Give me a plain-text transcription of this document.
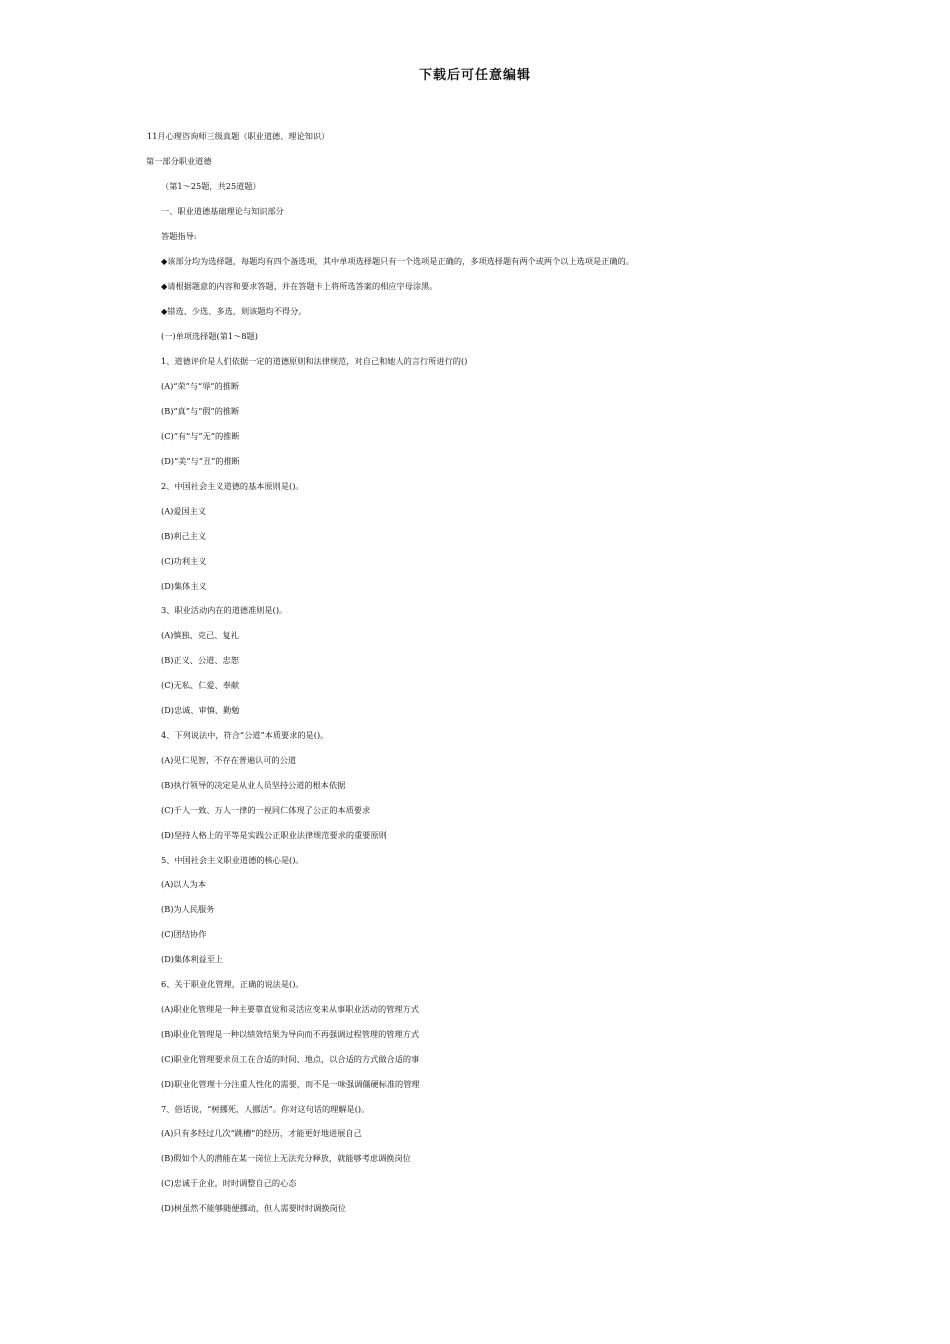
下载后可任意编辑
11月心理咨询师三级真题（职业道德、理论知识）
第一部分职业道德
（第1～25题，共25道题）
一、职业道德基础理论与知识部分
答题指导:
◆该部分均为选择题，每题均有四个备选项，其中单项选择题只有一个选项是正确的，多项选择题有两个或两个以上选项是正确的。
◆请根据题意的内容和要求答题，并在答题卡上将所选答案的相应字母涂黑。
◆错选、少选、多选，则该题均不得分。
(一)单项选择题(第1～8题)
1、道德评价是人们依据一定的道德原则和法律规范，对自己和她人的言行所进行的()
(A)“荣”与“辱”的推断
(B)“真”与“假”的推断
(C)“有”与“无”的推断
(D)“美”与“丑”的推断
2、中国社会主义道德的基本原则是()。
(A)爱国主义
(B)利己主义
(C)功利主义
(D)集体主义
3、职业活动内在的道德准则是()。
(A)慎独、克己、复礼
(B)正义、公道、忠恕
(C)无私、仁爱、奉献
(D)忠诚、审慎、勤勉
4、下列说法中，符合“公道”本质要求的是()。
(A)见仁见智，不存在普遍认可的公道
(B)执行领导的决定是从业人员坚持公道的根本依据
(C)千人一致、万人一律的一视同仁体现了公正的本质要求
(D)坚持人格上的平等是实践公正职业法律规范要求的重要原则
5、中国社会主义职业道德的核心是()。
(A)以人为本
(B)为人民服务
(C)团结协作
(D)集体利益至上
6、关于职业化管理，正确的说法是()。
(A)职业化管理是一种主要靠直觉和灵活应变来从事职业活动的管理方式
(B)职业化管理是一种以绩效结果为导向而不再强调过程管理的管理方式
(C)职业化管理要求员工在合适的时间、地点，以合适的方式做合适的事
(D)职业化管理十分注重人性化的需要，而不是一味强调僵硬标准的管理
7、俗话说，“树挪死，人挪活”。你对这句话的理解是()。
(A)只有多经过几次“跳槽”的经历，才能更好地进展自己
(B)假如个人的潜能在某一岗位上无法充分释放，就能够考虑调换岗位
(C)忠诚于企业，时时调整自己的心态
(D)树虽然不能够随便挪动，但人需要时时调换岗位
